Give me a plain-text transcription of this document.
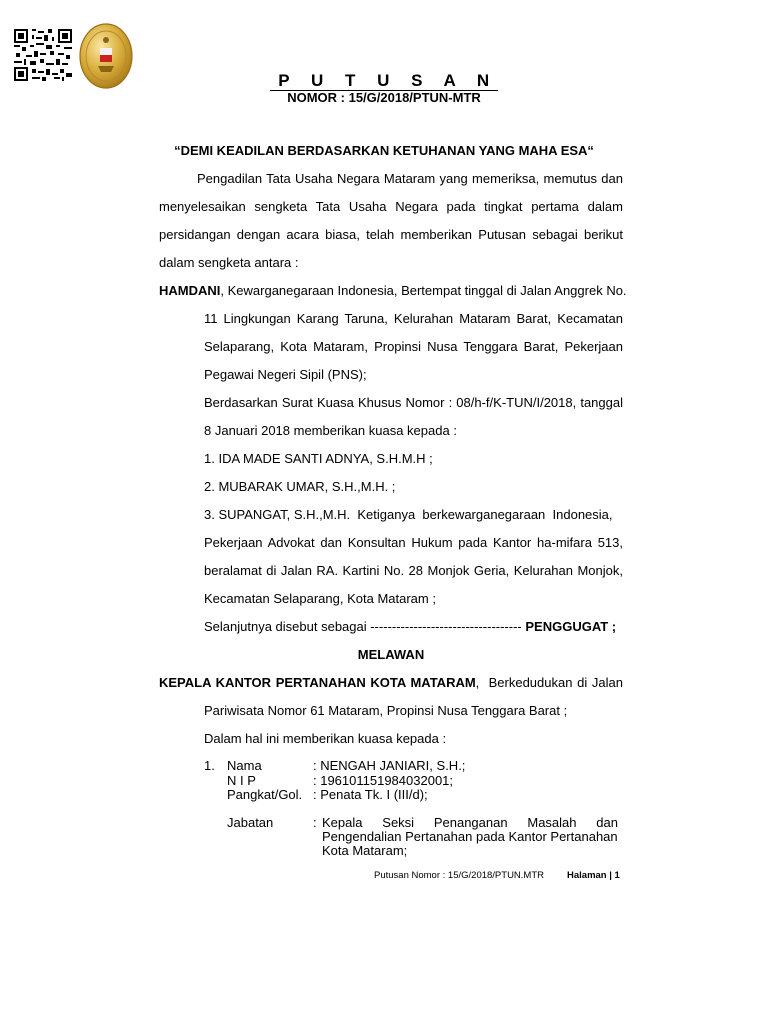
P U T U S A N
NOMOR : 15/G/2018/PTUN-MTR
“DEMI KEADILAN BERDASARKAN KETUHANAN YANG MAHA ESA“
Pengadilan Tata Usaha Negara Mataram yang memeriksa, memutus dan
menyelesaikan sengketa Tata Usaha Negara pada tingkat pertama dalam
persidangan dengan acara biasa, telah memberikan Putusan sebagai berikut
dalam sengketa antara :
HAMDANI, Kewarganegaraan Indonesia, Bertempat tinggal di Jalan Anggrek No.
11 Lingkungan Karang Taruna, Kelurahan Mataram Barat, Kecamatan
Selaparang, Kota Mataram, Propinsi Nusa Tenggara Barat, Pekerjaan
Pegawai Negeri Sipil (PNS);
Berdasarkan Surat Kuasa Khusus Nomor : 08/h-f/K-TUN/I/2018, tanggal
8 Januari 2018 memberikan kuasa kepada :
1. IDA MADE SANTI ADNYA, S.H.M.H ;
2. MUBARAK UMAR, S.H.,M.H. ;
3. SUPANGAT, S.H.,M.H.  Ketiganya  berkewarganegaraan  Indonesia,
Pekerjaan Advokat dan Konsultan Hukum pada Kantor ha-mifara 513,
beralamat di Jalan RA. Kartini No. 28 Monjok Geria, Kelurahan Monjok,
Kecamatan Selaparang, Kota Mataram ;
Selanjutnya disebut sebagai ----------------------------------- PENGGUGAT ;
MELAWAN
KEPALA KANTOR PERTANAHAN KOTA MATARAM,  Berkedudukan di Jalan
Pariwisata Nomor 61 Mataram, Propinsi Nusa Tenggara Barat ;
Dalam hal ini memberikan kuasa kepada :
1. Nama	: NENGAH JANIARI, S.H.;
N I P	: 196101151984032001;
Pangkat/Gol. : Penata Tk. I (III/d);
Jabatan	: Kepala Seksi Penanganan Masalah dan
Pengendalian Pertanahan pada Kantor Pertanahan
Kota Mataram;
Putusan Nomor : 15/G/2018/PTUN.MTR Halaman | 1
